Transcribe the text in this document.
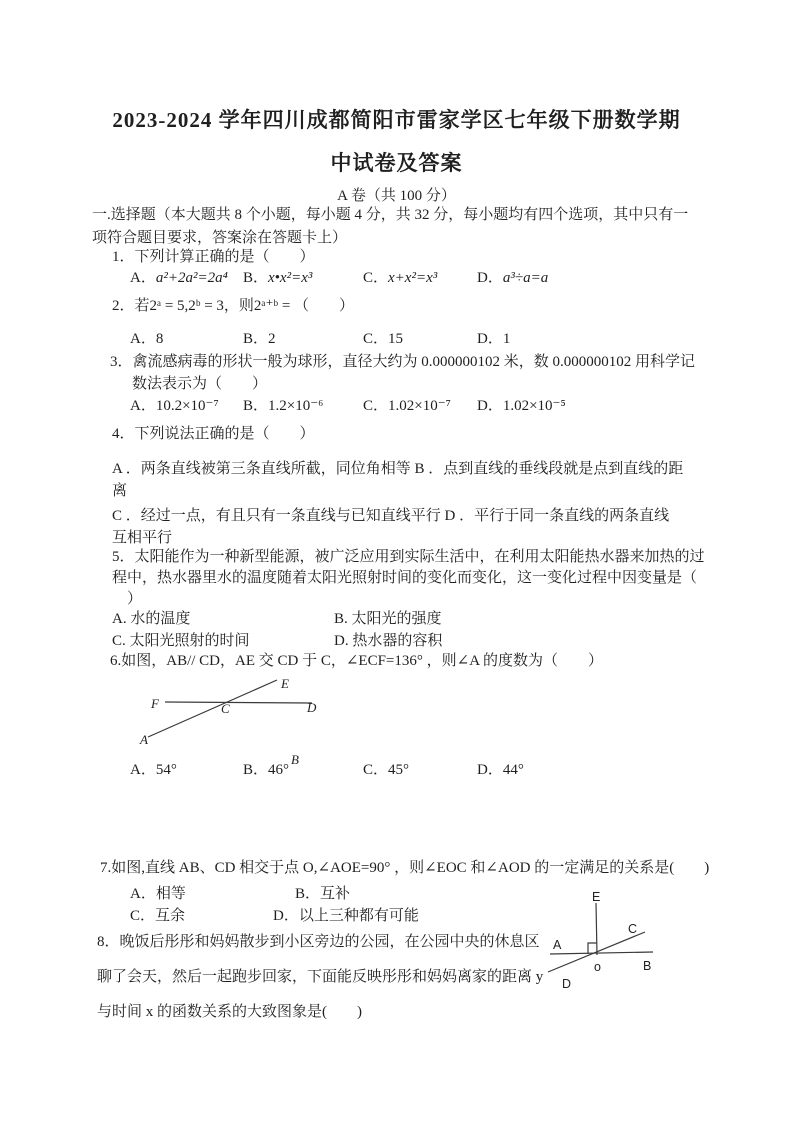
2023-2024 学年四川成都简阳市雷家学区七年级下册数学期
中试卷及答案
A 卷（共 100 分）
一.选择题（本大题共 8 个小题，每小题 4 分，共 32 分，每小题均有四个选项，其中只有一
项符合题目要求，答案涂在答题卡上）
1．下列计算正确的是（　　）
A．a²+2a²=2a⁴	B．x•x²=x³	C．x+x²=x³	D．a³÷a=a
2．若2ᵃ = 5,2ᵇ = 3，则2ᵃ⁺ᵇ = （　　）
A．8	B．2	C．15	D．1
3．禽流感病毒的形状一般为球形，直径大约为 0.000000102 米，数 0.000000102 用科学记
数法表示为（　　）
A．10.2×10⁻⁷	B．1.2×10⁻⁶	C．1.02×10⁻⁷	D．1.02×10⁻⁵
4．下列说法正确的是（　　）
A ．两条直线被第三条直线所截，同位角相等 B ．点到直线的垂线段就是点到直线的距
离
C ．经过一点，有且只有一条直线与已知直线平行 D ．平行于同一条直线的两条直线
互相平行
5．太阳能作为一种新型能源，被广泛应用到实际生活中，在利用太阳能热水器来加热的过
程中，热水器里水的温度随着太阳光照射时间的变化而变化，这一变化过程中因变量是（
　）
A. 水的温度	B. 太阳光的强度
C. 太阳光照射的时间	D. 热水器的容积
6.如图，AB// CD，AE 交 CD 于 C，∠ECF=136° ，则∠A 的度数为（　　）
E
F	C	D
A
B
A．54°	B．46°	C．45°	D．44°
7.如图,直线 AB、CD 相交于点 O,∠AOE=90° ，则∠EOC 和∠AOD 的一定满足的关系是(　　)
A．相等	B．互补
C．互余	D．以上三种都有可能
E
A
C
o	B
D
8．晚饭后彤彤和妈妈散步到小区旁边的公园，在公园中央的休息区
聊了会天，然后一起跑步回家，下面能反映彤彤和妈妈离家的距离 y
与时间 x 的函数关系的大致图象是(　　)
